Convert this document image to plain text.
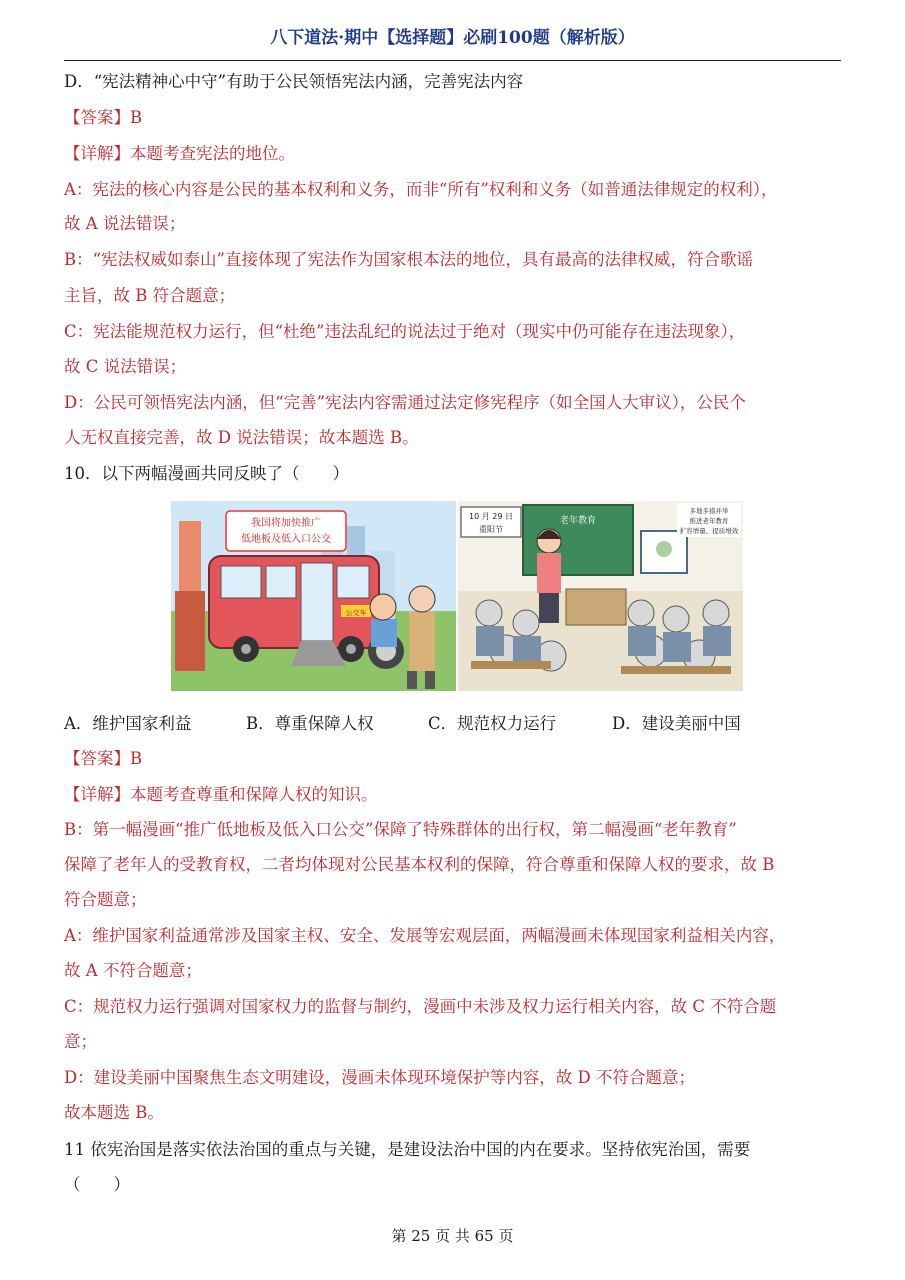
八下道法·期中【选择题】必刷100题（解析版）
D．“宪法精神心中守”有助于公民领悟宪法内涵，完善宪法内容
【答案】B
【详解】本题考查宪法的地位。
A：宪法的核心内容是公民的基本权利和义务，而非“所有”权利和义务（如普通法律规定的权利），
故 A 说法错误；
B：“宪法权威如泰山”直接体现了宪法作为国家根本法的地位，具有最高的法律权威，符合歌谣
主旨，故 B 符合题意；
C：宪法能规范权力运行，但“杜绝”违法乱纪的说法过于绝对（现实中仍可能存在违法现象），
故 C 说法错误；
D：公民可领悟宪法内涵，但“完善”宪法内容需通过法定修宪程序（如全国人大审议），公民个
人无权直接完善，故 D 说法错误；故本题选 B。
10．以下两幅漫画共同反映了（　　）
我国将加快推广
低地板及低入口公交
公交车
10 月 29 日
重阳节
老年教育
多地多措并举
推进老年教育
扩容增量、提质增效
A．维护国家利益	B．尊重保障人权	C．规范权力运行	D．建设美丽中国
【答案】B
【详解】本题考查尊重和保障人权的知识。
B：第一幅漫画“推广低地板及低入口公交”保障了特殊群体的出行权，第二幅漫画“老年教育”
保障了老年人的受教育权，二者均体现对公民基本权利的保障，符合尊重和保障人权的要求，故 B
符合题意；
A：维护国家利益通常涉及国家主权、安全、发展等宏观层面，两幅漫画未体现国家利益相关内容，
故 A 不符合题意；
C：规范权力运行强调对国家权力的监督与制约，漫画中未涉及权力运行相关内容，故 C 不符合题
意；
D：建设美丽中国聚焦生态文明建设，漫画未体现环境保护等内容，故 D 不符合题意；
故本题选 B。
11 依宪治国是落实依法治国的重点与关键，是建设法治中国的内在要求。坚持依宪治国，需要
（　　）
第 25 页 共 65 页
